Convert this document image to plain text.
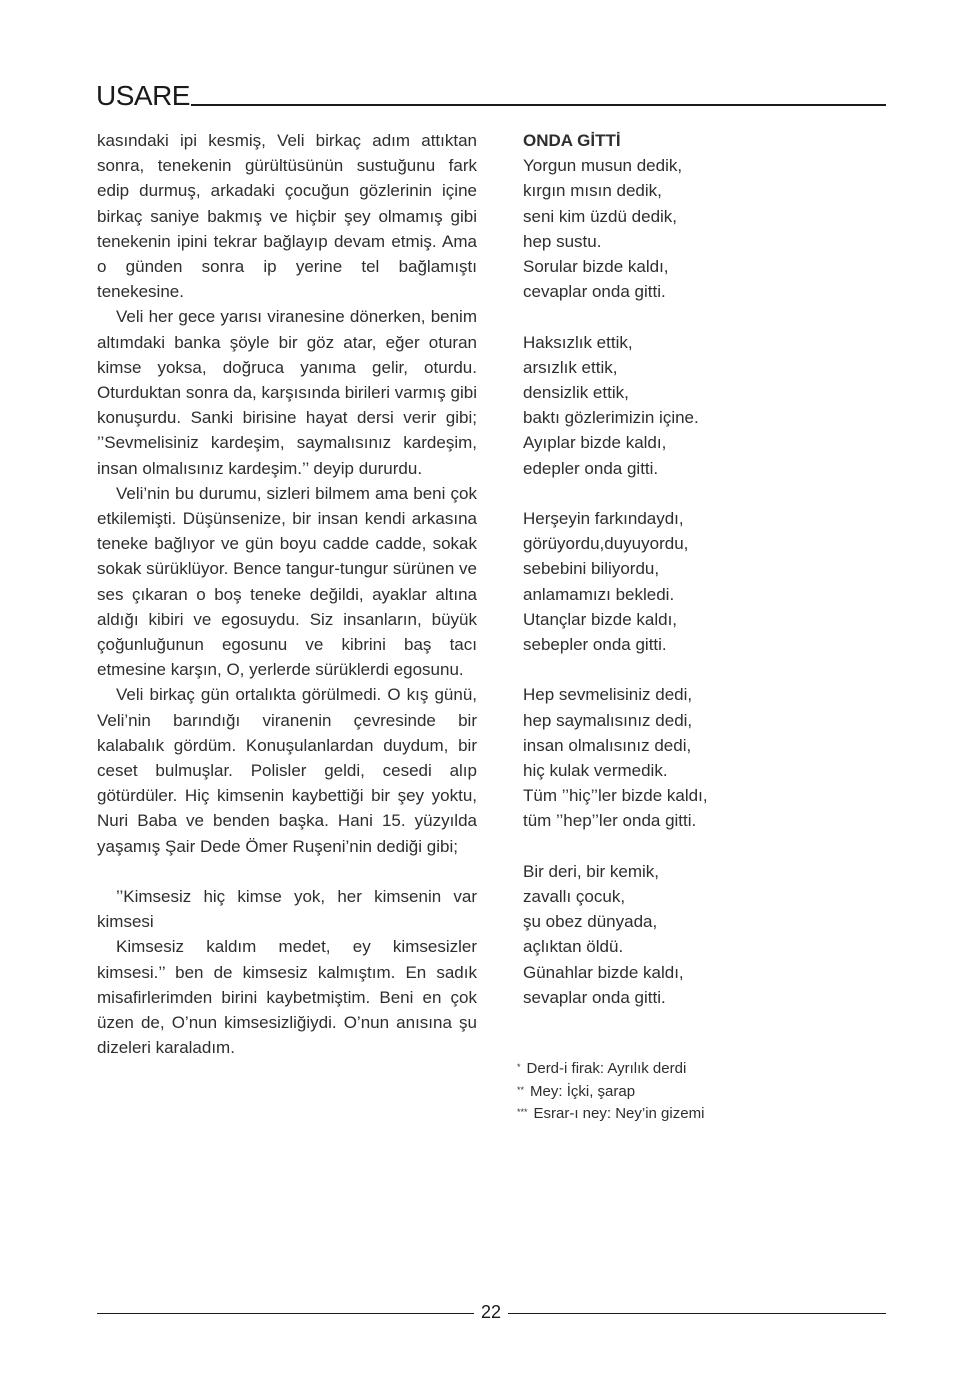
USARE

kasındaki ipi kesmiş, Veli birkaç adım attıktan sonra, tenekenin gürültüsünün sustuğunu fark edip durmuş, arkadaki çocuğun gözlerinin içine birkaç saniye bakmış ve hiçbir şey olmamış gibi tenekenin ipini tekrar bağlayıp devam etmiş. Ama o günden sonra ip yerine tel bağlamıştı tenekesine.

Veli her gece yarısı viranesine dönerken, benim altımdaki banka şöyle bir göz atar, eğer oturan kimse yoksa, doğruca yanıma gelir, oturdu. Oturduktan sonra da, karşısında birileri varmış gibi konuşurdu. Sanki birisine hayat dersi verir gibi; ’’Sevmelisiniz kardeşim, saymalısınız kardeşim, insan olmalısınız kardeşim.’’ deyip dururdu.

Veli’nin bu durumu, sizleri bilmem ama beni çok etkilemişti. Düşünsenize, bir insan kendi arkasına teneke bağlıyor ve gün boyu cadde cadde, sokak sokak sürüklüyor. Bence tangur-tungur sürünen ve ses çıkaran o boş teneke değildi, ayaklar altına aldığı kibiri ve egosuydu. Siz insanların, büyük çoğunluğunun egosunu ve kibrini baş tacı etmesine karşın, O, yerlerde sürüklerdi egosunu.

Veli birkaç gün ortalıkta görülmedi. O kış günü, Veli’nin barındığı viranenin çevresinde bir kalabalık gördüm. Konuşulanlardan duydum, bir ceset bulmuşlar. Polisler geldi, cesedi alıp götürdüler. Hiç kimsenin kaybettiği bir şey yoktu, Nuri Baba ve benden başka. Hani 15. yüzyılda yaşamış Şair Dede Ömer Ruşeni’nin dediği gibi;

’’Kimsesiz hiç kimse yok, her kimsenin var kimsesi

Kimsesiz kaldım medet, ey kimsesizler kimsesi.’’ ben de kimsesiz kalmıştım. En sadık misafirlerimden birini kaybetmiştim. Beni en çok üzen de, O’nun kimsesizliğiydi. O’nun anısına şu dizeleri karaladım.

ONDA GİTTİ

Yorgun musun dedik,
kırgın mısın dedik,
seni kim üzdü dedik,
hep sustu.
Sorular bizde kaldı,
cevaplar onda gitti.
Haksızlık ettik,
arsızlık ettik,
densizlik ettik,
baktı gözlerimizin içine.
Ayıplar bizde kaldı,
edepler onda gitti.
Herşeyin farkındaydı,
görüyordu,duyuyordu,
sebebini biliyordu,
anlamamızı bekledi.
Utançlar bizde kaldı,
sebepler onda gitti.
Hep sevmelisiniz dedi,
hep saymalısınız dedi,
insan olmalısınız dedi,
hiç kulak vermedik.
Tüm ’’hiç’’ler bizde kaldı,
tüm ’’hep’’ler onda gitti.
Bir deri, bir kemik,
zavallı çocuk,
şu obez dünyada,
açlıktan öldü.
Günahlar bizde kaldı,
sevaplar onda gitti.
* Derd-i firak: Ayrılık derdi
** Mey: İçki, şarap
*** Esrar-ı ney: Ney’in gizemi
22
